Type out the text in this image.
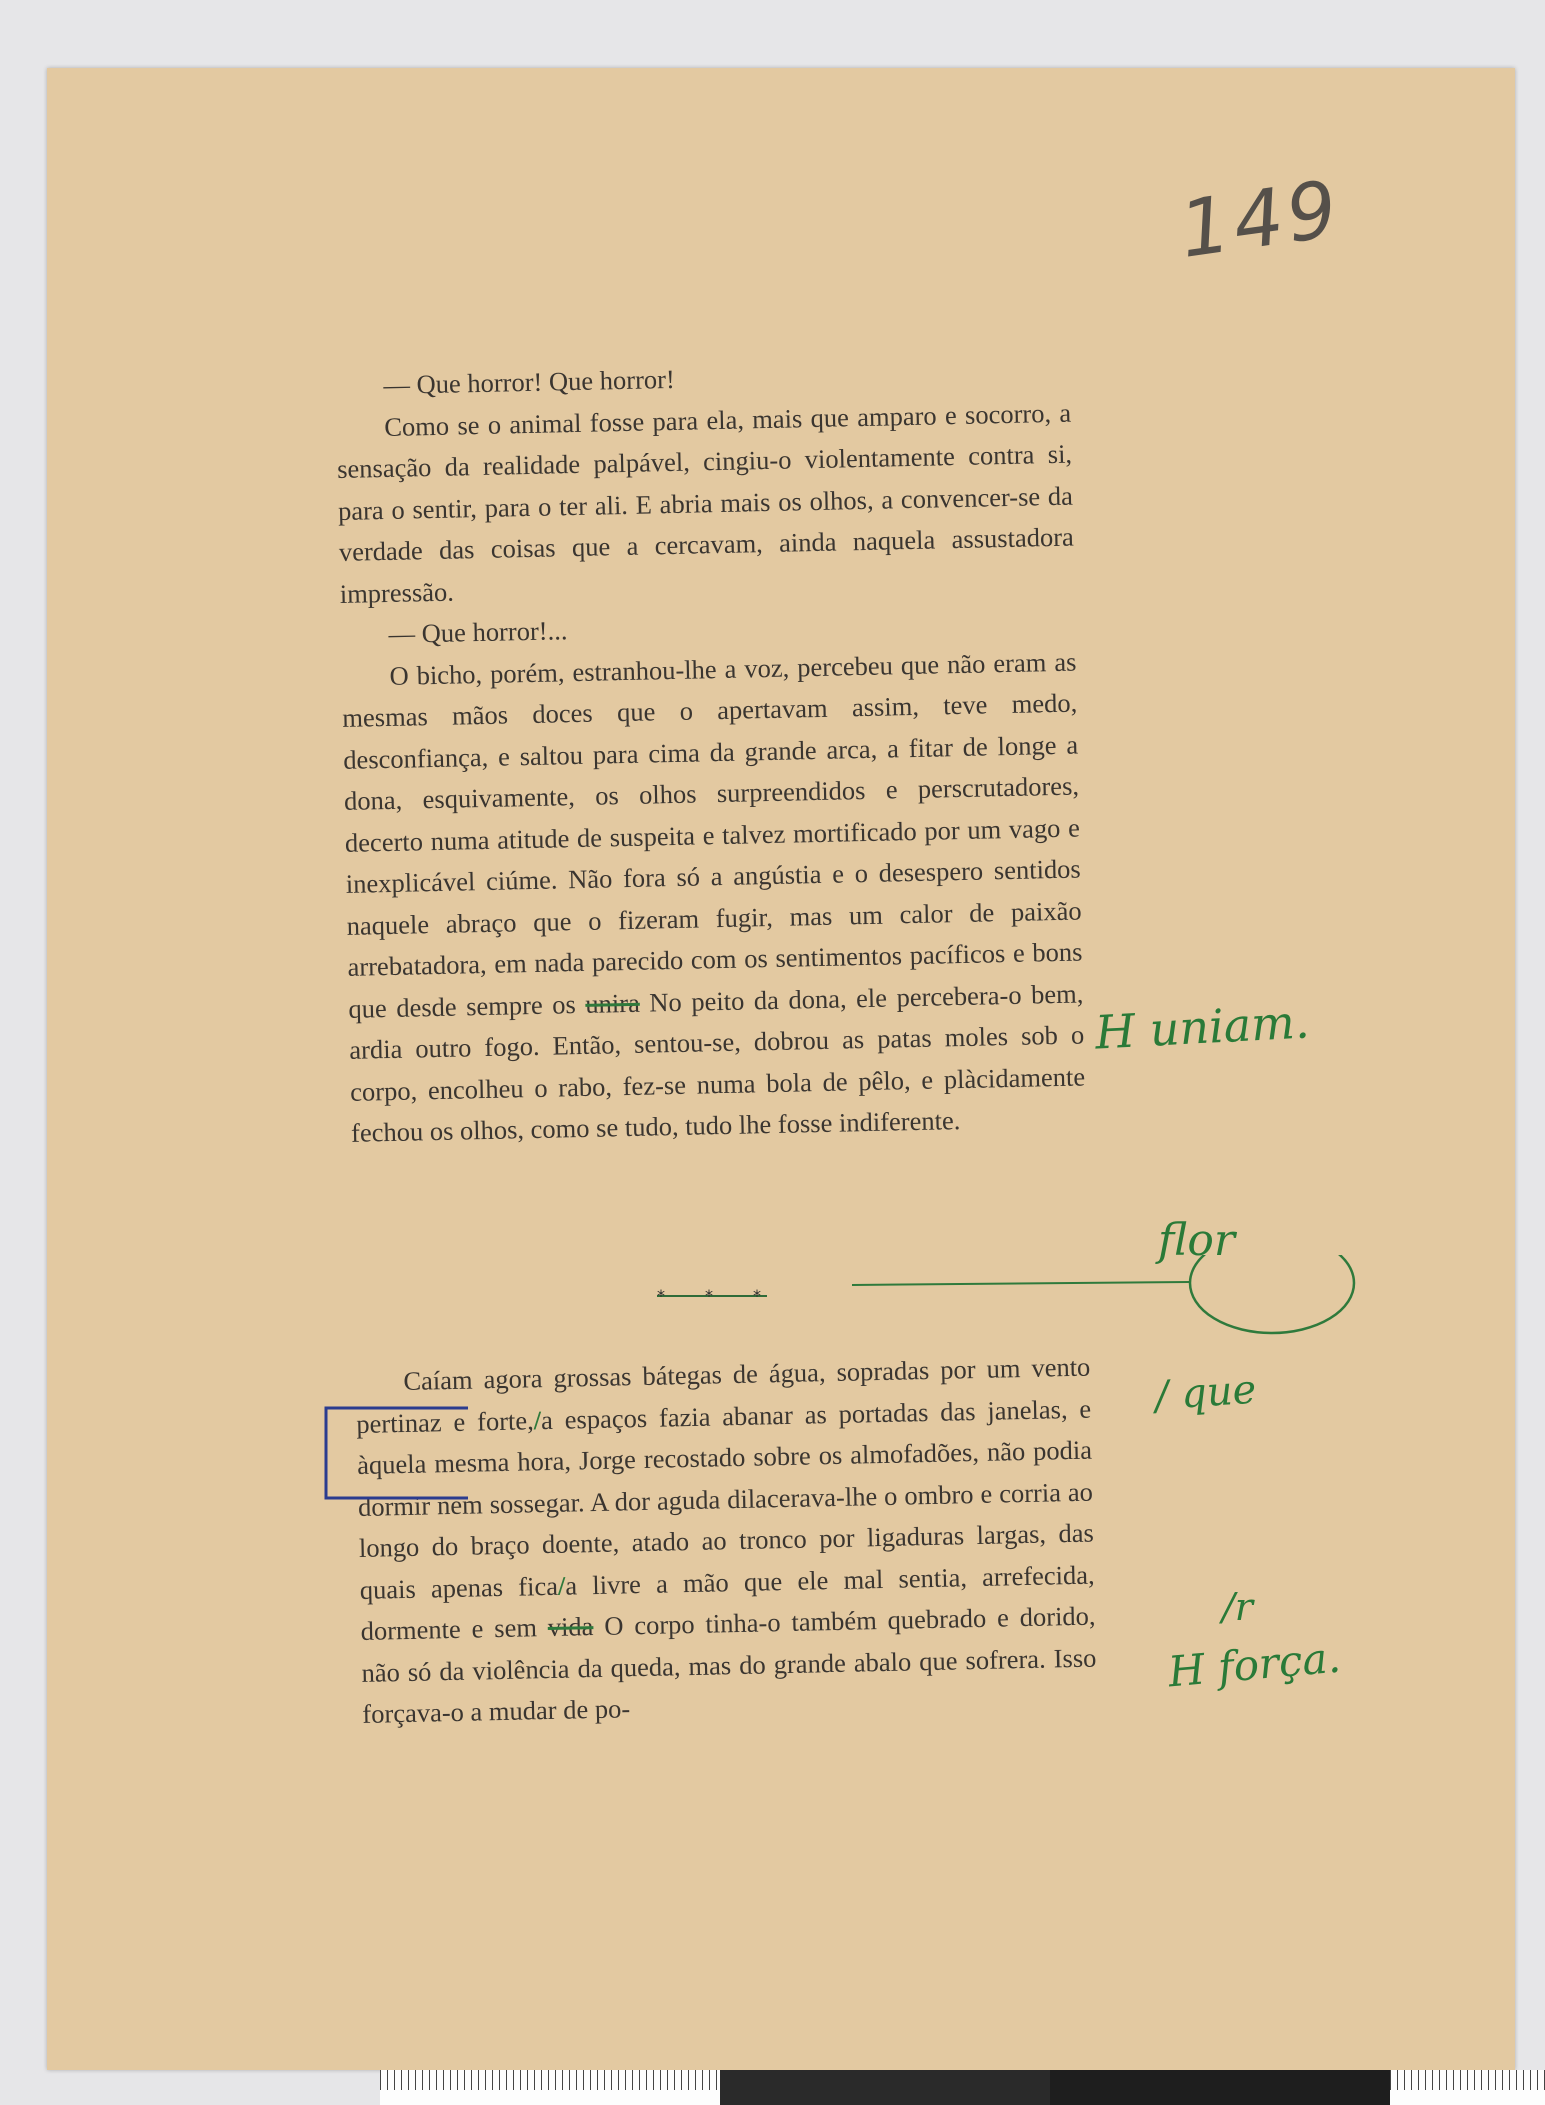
149

— Que horror! Que horror!

Como se o animal fosse para ela, mais que amparo e socorro, a sensação da realidade palpável, cingiu-o violentamente contra si, para o sentir, para o ter ali. E abria mais os olhos, a convencer-se da verdade das coisas que a cercavam, ainda naquela assustadora impressão.

— Que horror!...

O bicho, porém, estranhou-lhe a voz, percebeu que não eram as mesmas mãos doces que o apertavam assim, teve medo, desconfiança, e saltou para cima da grande arca, a fitar de longe a dona, esquivamente, os olhos surpreendidos e perscrutadores, decerto numa atitude de suspeita e talvez mortificado por um vago e inexplicável ciúme. Não fora só a angústia e o desespero sentidos naquele abraço que o fizeram fugir, mas um calor de paixão arrebatadora, em nada parecido com os sentimentos pacíficos e bons que desde sempre os unira No peito da dona, ele percebera-o bem, ardia outro fogo. Então, sentou-se, dobrou as patas moles sob o corpo, encolheu o rabo, fez-se numa bola de pêlo, e plàcidamente fechou os olhos, como se tudo, tudo lhe fosse indiferente.

*	*	*

Caíam agora grossas bátegas de água, sopradas por um vento pertinaz e forte,/a espaços fazia abanar as portadas das janelas, e àquela mesma hora, Jorge recostado sobre os almofadões, não podia dormir nem sossegar. A dor aguda dilacerava-lhe o ombro e corria ao longo do braço doente, atado ao tronco por ligaduras largas, das quais apenas fica/a livre a mão que ele mal sentia, arrefecida, dormente e sem vida O corpo tinha-o também quebrado e dorido, não só da violência da queda, mas do grande abalo que sofrera. Isso forçava-o a mudar de po-

H uniam.
flor
/ que
/r
H força.
